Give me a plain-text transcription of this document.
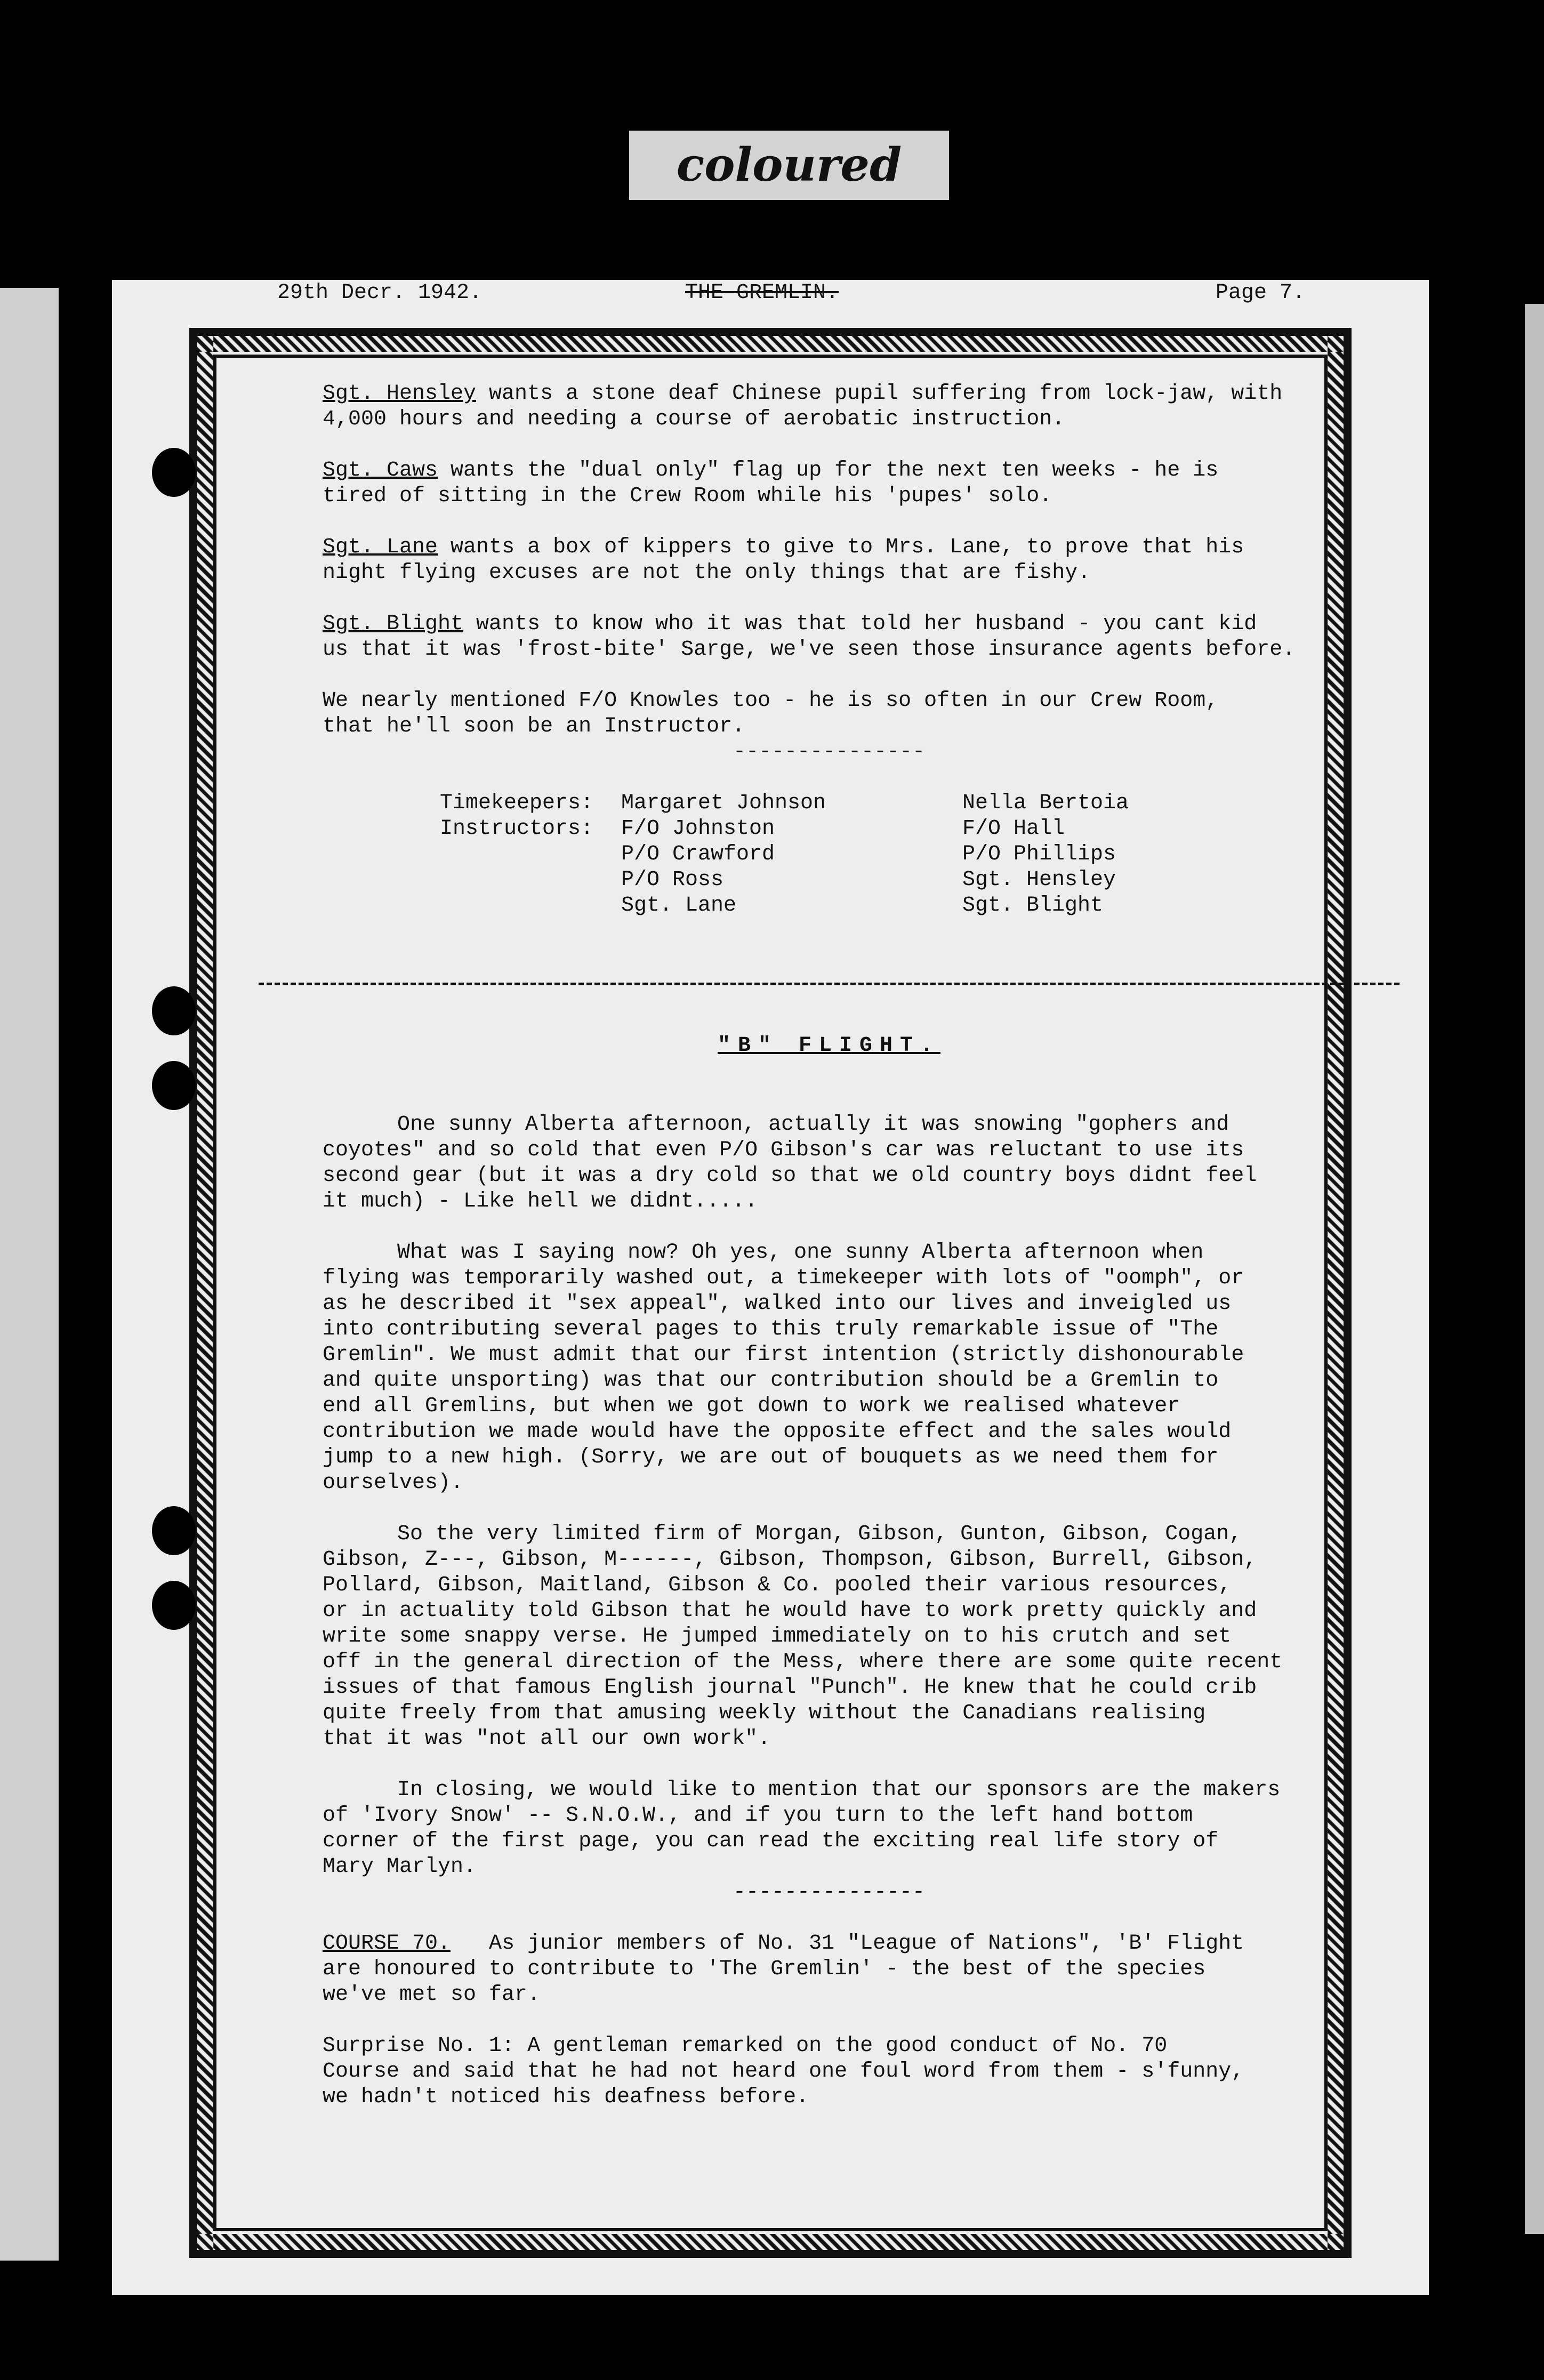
coloured
29th Decr. 1942.	THE GREMLIN.	Page 7.

Sgt. Hensley wants a stone deaf Chinese pupil suffering from lock-jaw, with
4,000 hours and needing a course of aerobatic instruction.

Sgt. Caws wants the "dual only" flag up for the next ten weeks - he is
tired of sitting in the Crew Room while his 'pupes' solo.

Sgt. Lane wants a box of kippers to give to Mrs. Lane, to prove that his
night flying excuses are not the only things that are fishy.

Sgt. Blight wants to know who it was that told her husband - you cant kid
us that it was 'frost-bite' Sarge, we've seen those insurance agents before.

We nearly mentioned F/O Knowles too - he is so often in our Crew Room,
that he'll soon be an Instructor.

---------------
Timekeepers:
Instructors:
Margaret Johnson
F/O Johnston
P/O Crawford
P/O Ross
Sgt. Lane
Nella Bertoia
F/O Hall
P/O Phillips
Sgt. Hensley
Sgt. Blight
"B" FLIGHT.

One sunny Alberta afternoon, actually it was snowing "gophers and
coyotes" and so cold that even P/O Gibson's car was reluctant to use its
second gear (but it was a dry cold so that we old country boys didnt feel
it much) - Like hell we didnt.....

What was I saying now? Oh yes, one sunny Alberta afternoon when
flying was temporarily washed out, a timekeeper with lots of "oomph", or
as he described it "sex appeal", walked into our lives and inveigled us
into contributing several pages to this truly remarkable issue of "The
Gremlin". We must admit that our first intention (strictly dishonourable
and quite unsporting) was that our contribution should be a Gremlin to
end all Gremlins, but when we got down to work we realised whatever
contribution we made would have the opposite effect and the sales would
jump to a new high. (Sorry, we are out of bouquets as we need them for
ourselves).

So the very limited firm of Morgan, Gibson, Gunton, Gibson, Cogan,
Gibson, Z---, Gibson, M------, Gibson, Thompson, Gibson, Burrell, Gibson,
Pollard, Gibson, Maitland, Gibson & Co. pooled their various resources,
or in actuality told Gibson that he would have to work pretty quickly and
write some snappy verse. He jumped immediately on to his crutch and set
off in the general direction of the Mess, where there are some quite recent
issues of that famous English journal "Punch". He knew that he could crib
quite freely from that amusing weekly without the Canadians realising
that it was "not all our own work".

In closing, we would like to mention that our sponsors are the makers
of 'Ivory Snow' -- S.N.O.W., and if you turn to the left hand bottom
corner of the first page, you can read the exciting real life story of
Mary Marlyn.

---------------

COURSE 70.   As junior members of No. 31 "League of Nations", 'B' Flight
are honoured to contribute to 'The Gremlin' - the best of the species
we've met so far.

Surprise No. 1: A gentleman remarked on the good conduct of No. 70
Course and said that he had not heard one foul word from them - s'funny,
we hadn't noticed his deafness before.
